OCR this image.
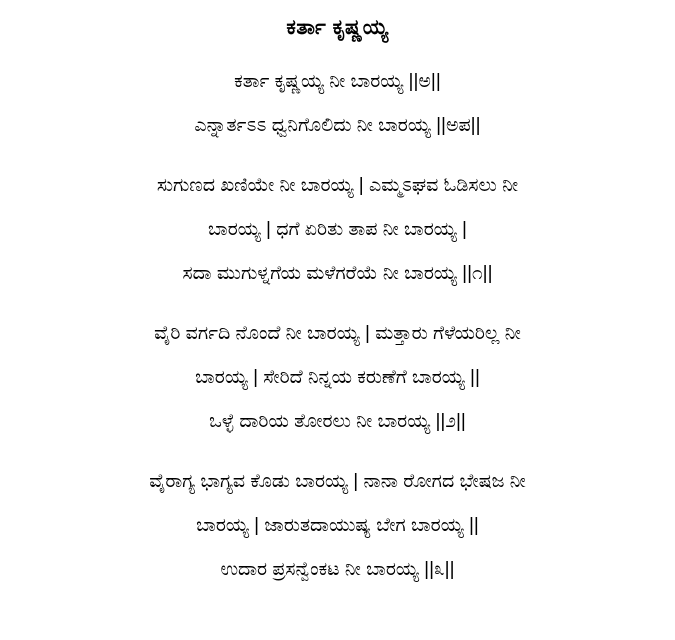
ಕರ್ತಾ ಕೃಷ್ಣಯ್ಯ

ಕರ್ತಾ ಕೃಷ್ಣಯ್ಯ ನೀ ಬಾರಯ್ಯ ||ಅ||

ಎನ್ನಾರ್ತಽಽ ಧ್ವನಿಗೊಲಿದು ನೀ ಬಾರಯ್ಯ ||ಅಪ||

ಸುಗುಣದ ಖಣಿಯೇ ನೀ ಬಾರಯ್ಯ | ಎಮ್ಮಽಘವ ಓಡಿಸಲು ನೀ

ಬಾರಯ್ಯ | ಧಗೆ ಏರಿತು ತಾಪ ನೀ ಬಾರಯ್ಯ |

ಸದಾ ಮುಗುಳ್ನಗೆಯ ಮಳೆಗರೆಯೆ ನೀ ಬಾರಯ್ಯ ||೧||

ವೈರಿ ವರ್ಗದಿ ನೊಂದೆ ನೀ ಬಾರಯ್ಯ | ಮತ್ತಾರು ಗೆಳೆಯರಿಲ್ಲ ನೀ

ಬಾರಯ್ಯ | ಸೇರಿದೆ ನಿನ್ನಯ ಕರುಣೆಗೆ ಬಾರಯ್ಯ ||

ಒಳ್ಳೆ ದಾರಿಯ ತೋರಲು ನೀ ಬಾರಯ್ಯ ||೨||

ವೈರಾಗ್ಯ ಭಾಗ್ಯವ ಕೊಡು ಬಾರಯ್ಯ | ನಾನಾ ರೋಗದ ಭೇಷಜ ನೀ

ಬಾರಯ್ಯ | ಜಾರುತದಾಯುಷ್ಯ ಬೇಗ ಬಾರಯ್ಯ ||

ಉದಾರ ಪ್ರಸನ್ವೆಂಕಟ ನೀ ಬಾರಯ್ಯ ||೩||
